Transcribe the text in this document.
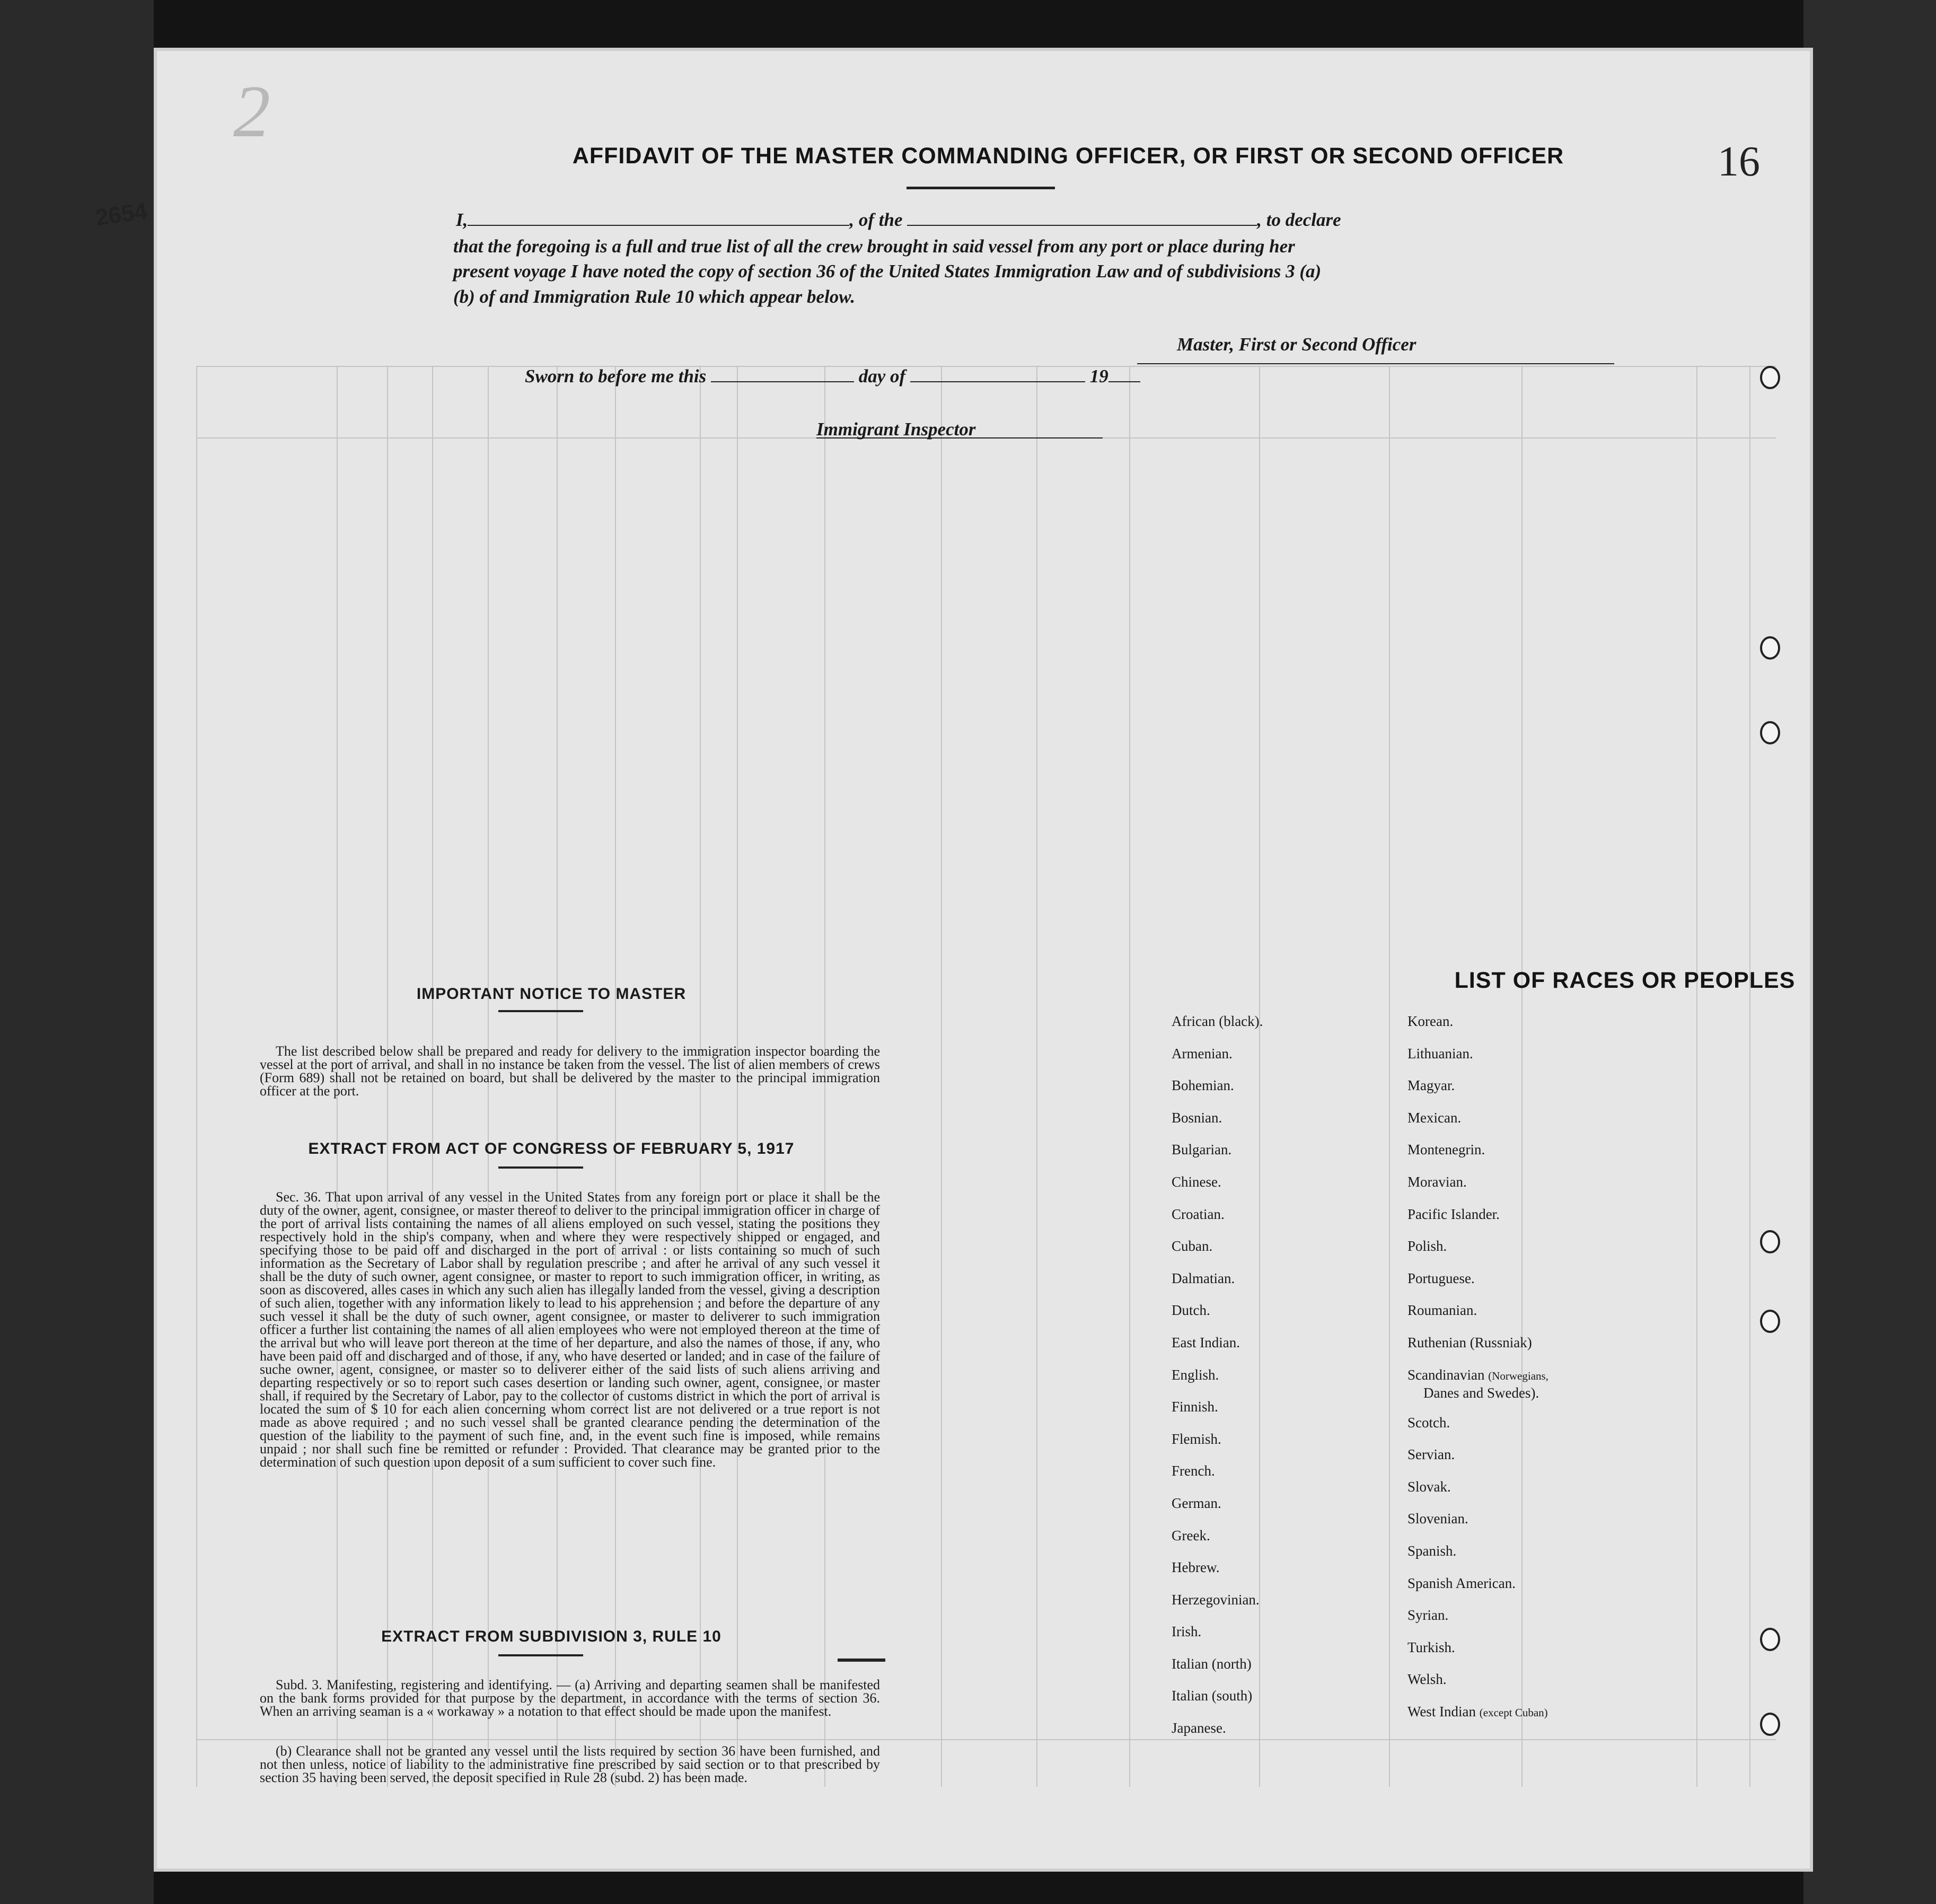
2654
2
AFFIDAVIT OF THE MASTER COMMANDING OFFICER, OR FIRST OR SECOND OFFICER
I,	, of the	, to declare
that the foregoing is a full and true list of all the crew brought in said vessel from any port or place during her
present voyage I have noted the copy of section 36 of the United States Immigration Law and of subdivisions 3 (a)
(b) of and Immigration Rule 10 which appear below.
Master, First or Second Officer
Sworn to before me this	day of	19
Immigrant Inspector
IMPORTANT NOTICE TO MASTER
The list described below shall be prepared and ready for delivery to the immigration inspector boarding the vessel at the port of arrival, and shall in no instance be taken from the vessel. The list of alien members of crews (Form 689) shall not be retained on board, but shall be delivered by the master to the principal immigration officer at the port.
EXTRACT FROM ACT OF CONGRESS OF FEBRUARY 5, 1917
Sec. 36. That upon arrival of any vessel in the United States from any foreign port or place it shall be the duty of the owner, agent, consignee, or master thereof to deliver to the principal immigration officer in charge of the port of arrival lists containing the names of all aliens employed on such vessel, stating the positions they respectively hold in the ship's company, when and where they were respectively shipped or engaged, and specifying those to be paid off and discharged in the port of arrival : or lists containing so much of such information as the Secretary of Labor shall by regulation prescribe ; and after he arrival of any such vessel it shall be the duty of such owner, agent consignee, or master to report to such immigration officer, in writing, as soon as discovered, alles cases in which any such alien has illegally landed from the vessel, giving a description of such alien, together with any information likely to lead to his apprehension ; and before the departure of any such vessel it shall be the duty of such owner, agent consignee, or master to deliverer to such immigration officer a further list containing the names of all alien employees who were not employed thereon at the time of the arrival but who will leave port thereon at the time of her departure, and also the names of those, if any, who have been paid off and discharged and of those, if any, who have deserted or landed; and in case of the failure of suche owner, agent, consignee, or master so to deliverer either of the said lists of such aliens arriving and departing respectively or so to report such cases desertion or landing such owner, agent, consignee, or master shall, if required by the Secretary of Labor, pay to the collector of customs district in which the port of arrival is located the sum of $ 10 for each alien concerning whom correct list are not delivered or a true report is not made as above required ; and no such vessel shall be granted clearance pending the determination of the question of the liability to the payment of such fine, and, in the event such fine is imposed, while remains unpaid ; nor shall such fine be remitted or refunder : Provided. That clearance may be granted prior to the determination of such question upon deposit of a sum sufficient to cover such fine.
EXTRACT FROM SUBDIVISION 3, RULE 10
Subd. 3. Manifesting, registering and identifying. — (a) Arriving and departing seamen shall be manifested on the bank forms provided for that purpose by the department, in accordance with the terms of section 36. When an arriving seaman is a « workaway » a notation to that effect should be made upon the manifest.
(b) Clearance shall not be granted any vessel until the lists required by section 36 have been furnished, and not then unless, notice of liability to the administrative fine prescribed by said section or to that prescribed by section 35 having been served, the deposit specified in Rule 28 (subd. 2) has been made.
LIST OF RACES OR PEOPLES
African (black).
Armenian.
Bohemian.
Bosnian.
Bulgarian.
Chinese.
Croatian.
Cuban.
Dalmatian.
Dutch.
East Indian.
English.
Finnish.
Flemish.
French.
German.
Greek.
Hebrew.
Herzegovinian.
Irish.
Italian (north)
Italian (south)
Japanese.
Korean.
Lithuanian.
Magyar.
Mexican.
Montenegrin.
Moravian.
Pacific Islander.
Polish.
Portuguese.
Roumanian.
Ruthenian (Russniak)
Scandinavian (Norwegians,
Danes and Swedes).
Scotch.
Servian.
Slovak.
Slovenian.
Spanish.
Spanish American.
Syrian.
Turkish.
Welsh.
West Indian (except Cuban)
16
